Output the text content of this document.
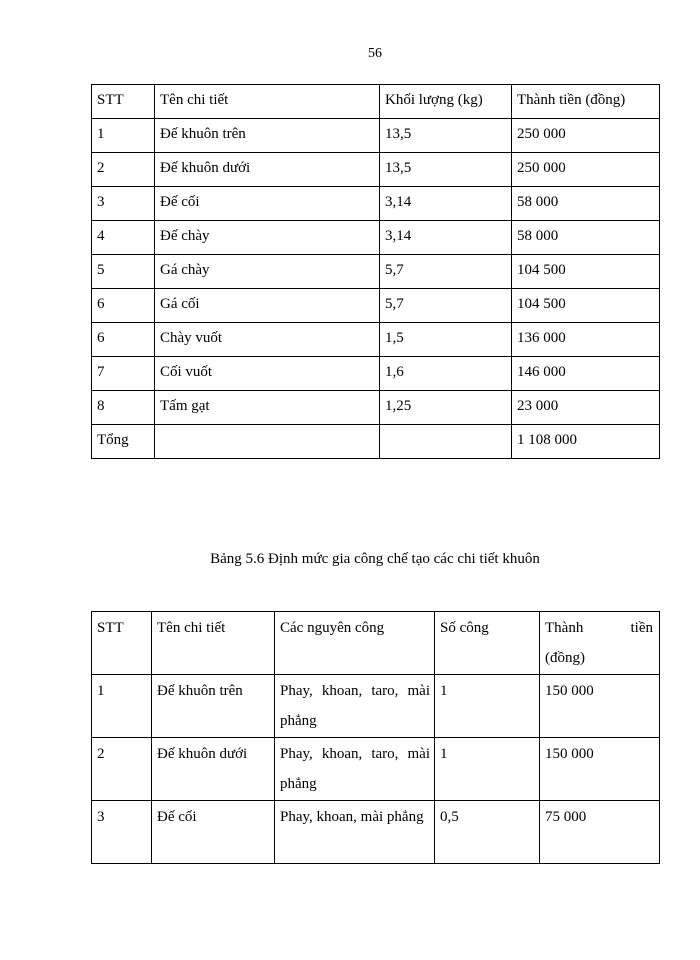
56
STT	Tên chi tiết	Khối lượng (kg)	Thành tiền (đồng)
1	Đế khuôn trên	13,5	250 000
2	Đế khuôn dưới	13,5	250 000
3	Đế cối	3,14	58 000
4	Đế chày	3,14	58 000
5	Gá chày	5,7	104 500
6	Gá cối	5,7	104 500
6	Chày vuốt	1,5	136 000
7	Cối vuốt	1,6	146 000
8	Tấm gạt	1,25	23 000
Tổng			1 108 000
Bảng 5.6 Định mức gia công chế tạo các chi tiết khuôn
STT	Tên chi tiết	Các nguyên công	Số công	Thành tiền
(đồng)

1	Đế khuôn trên	Phay, khoan, taro, mài phẳng	1	150 000
2	Đế khuôn dưới	Phay, khoan, taro, mài phẳng	1	150 000
3	Đế cối	Phay, khoan, mài phẳng	0,5	75 000
